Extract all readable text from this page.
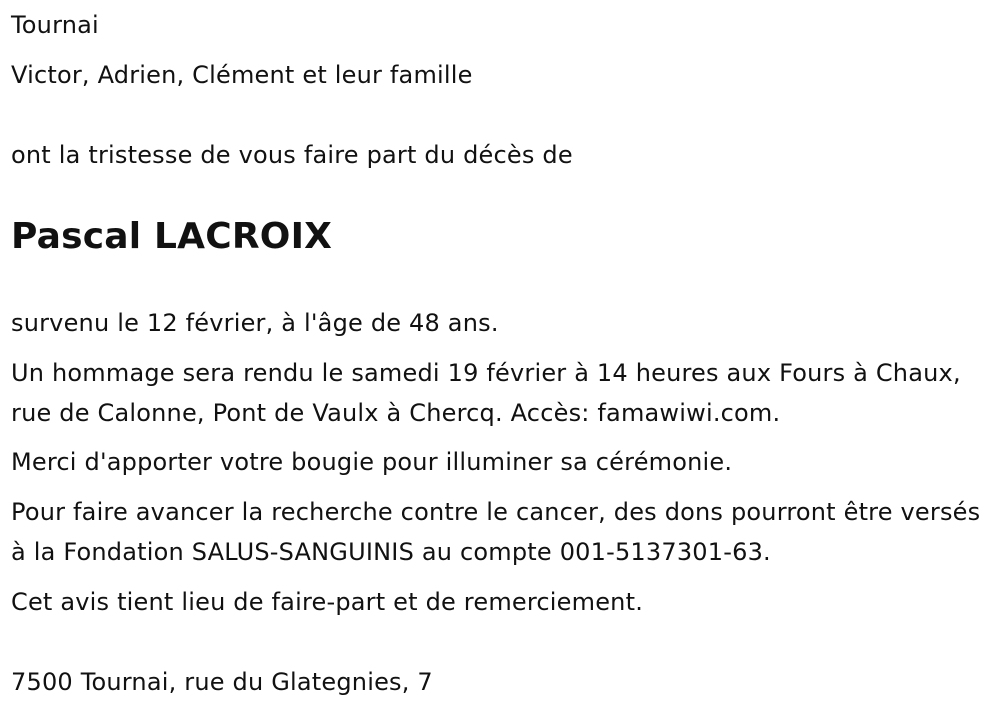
Tournai
Victor, Adrien, Clément et leur famille
ont la tristesse de vous faire part du décès de
Pascal LACROIX
survenu le 12 février, à l'âge de 48 ans.
Un hommage sera rendu le samedi 19 février à 14 heures aux Fours à Chaux, rue de Calonne, Pont de Vaulx à Chercq. Accès: famawiwi.com.
Merci d'apporter votre bougie pour illuminer sa cérémonie.
Pour faire avancer la recherche contre le cancer, des dons pourront être versés à la Fondation SALUS-SANGUINIS au compte 001-5137301-63.
Cet avis tient lieu de faire-part et de remerciement.
7500 Tournai, rue du Glategnies, 7
